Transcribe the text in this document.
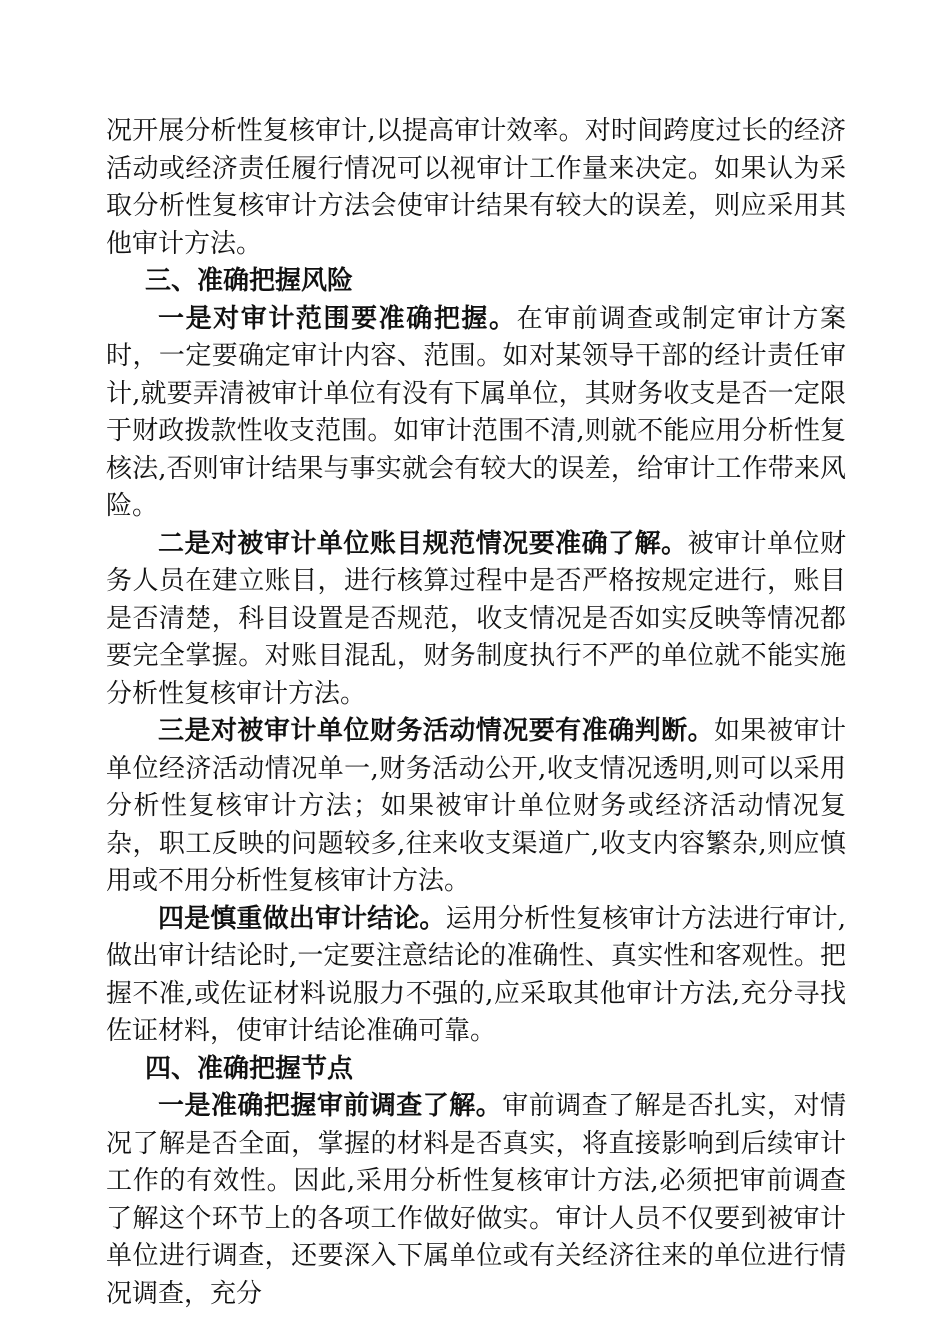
况开展分析性复核审计,以提高审计效率。对时间跨度过长的经济活动或经济责任履行情况可以视审计工作量来决定。如果认为采取分析性复核审计方法会使审计结果有较大的误差，则应采用其他审计方法。

三、准确把握风险

一是对审计范围要准确把握。在审前调查或制定审计方案时，一定要确定审计内容、范围。如对某领导干部的经计责任审计,就要弄清被审计单位有没有下属单位，其财务收支是否一定限于财政拨款性收支范围。如审计范围不清,则就不能应用分析性复核法,否则审计结果与事实就会有较大的误差，给审计工作带来风险。

二是对被审计单位账目规范情况要准确了解。被审计单位财务人员在建立账目，进行核算过程中是否严格按规定进行，账目是否清楚，科目设置是否规范，收支情况是否如实反映等情况都要完全掌握。对账目混乱，财务制度执行不严的单位就不能实施分析性复核审计方法。

三是对被审计单位财务活动情况要有准确判断。如果被审计单位经济活动情况单一,财务活动公开,收支情况透明,则可以采用分析性复核审计方法；如果被审计单位财务或经济活动情况复杂，职工反映的问题较多,往来收支渠道广,收支内容繁杂,则应慎用或不用分析性复核审计方法。

四是慎重做出审计结论。运用分析性复核审计方法进行审计,做出审计结论时,一定要注意结论的准确性、真实性和客观性。把握不准,或佐证材料说服力不强的,应采取其他审计方法,充分寻找佐证材料，使审计结论准确可靠。

四、准确把握节点

一是准确把握审前调查了解。审前调查了解是否扎实，对情况了解是否全面，掌握的材料是否真实，将直接影响到后续审计工作的有效性。因此,采用分析性复核审计方法,必须把审前调查了解这个环节上的各项工作做好做实。审计人员不仅要到被审计单位进行调查，还要深入下属单位或有关经济往来的单位进行情况调查，充分
